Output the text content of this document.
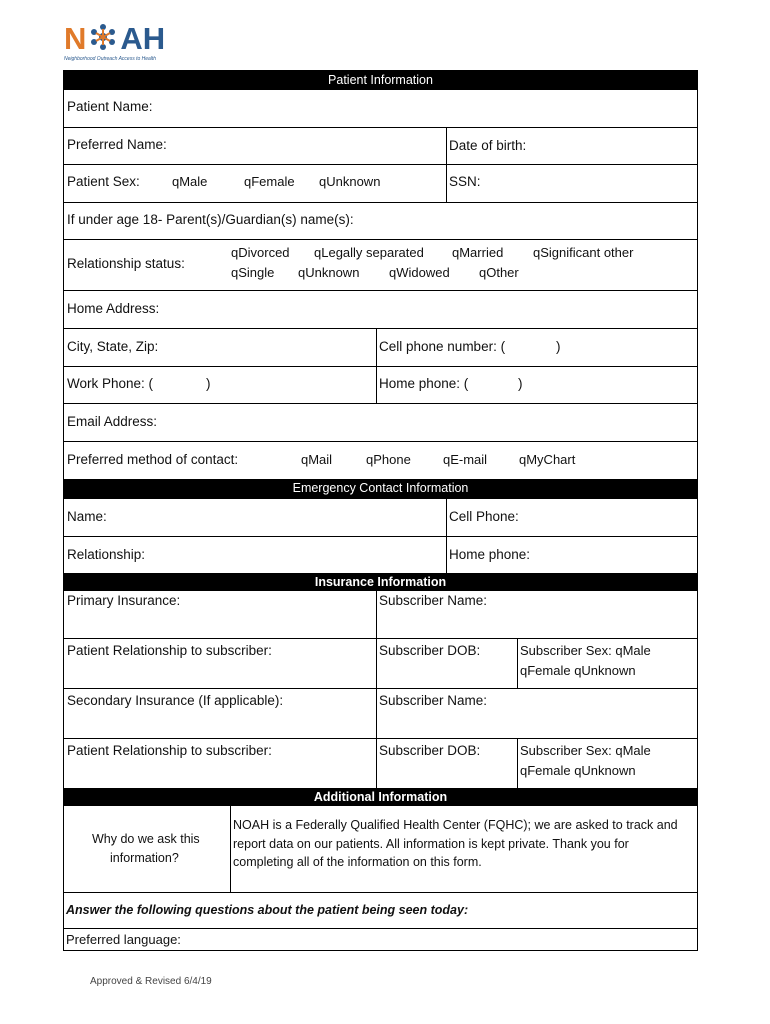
N AH
Neighborhood Outreach Access to Health
Patient Information
Patient Name:
Preferred Name:	Date of birth:
Patient Sex: qMale	qFemale qUnknown	SSN:
If under age 18- Parent(s)/Guardian(s) name(s):
Relationship status:
qDivorced qLegally separated qMarried qSignificant other
qSingle qUnknown qWidowed qOther
Home Address:
City, State, Zip:	Cell phone number: (	)
Work Phone: (	)	Home phone: (	)
Email Address:
Preferred method of contact:	qMail	qPhone qE-mail qMyChart
Emergency Contact Information
Name:	Cell Phone:
Relationship:	Home phone:
Insurance Information
Primary Insurance:	Subscriber Name:
Patient Relationship to subscriber:	Subscriber DOB:	Subscriber Sex: qMale
qFemale qUnknown
Secondary Insurance (If applicable):	Subscriber Name:
Patient Relationship to subscriber:	Subscriber DOB:	Subscriber Sex: qMale
qFemale qUnknown
Additional Information
Why do we ask this
information?
NOAH is a Federally Qualified Health Center (FQHC); we are asked to track and
report data on our patients. All information is kept private. Thank you for
completing all of the information on this form.
Answer the following questions about the patient being seen today:
Preferred language:
Approved & Revised 6/4/19
